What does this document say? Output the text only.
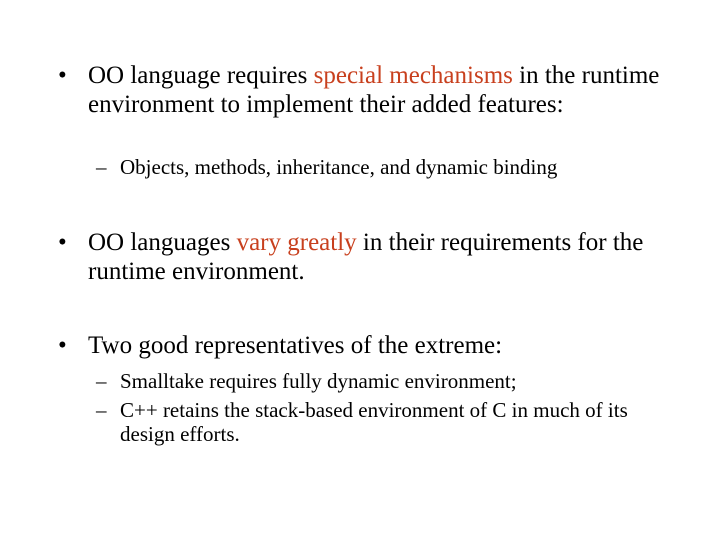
• OO language requires special mechanisms in the runtime environment to implement their added features:
– Objects, methods, inheritance, and dynamic binding
• OO languages vary greatly in their requirements for the runtime environment.
• Two good representatives of the extreme:
– Smalltake requires fully dynamic environment;
– C++ retains the stack-based environment of C in much of its design efforts.
